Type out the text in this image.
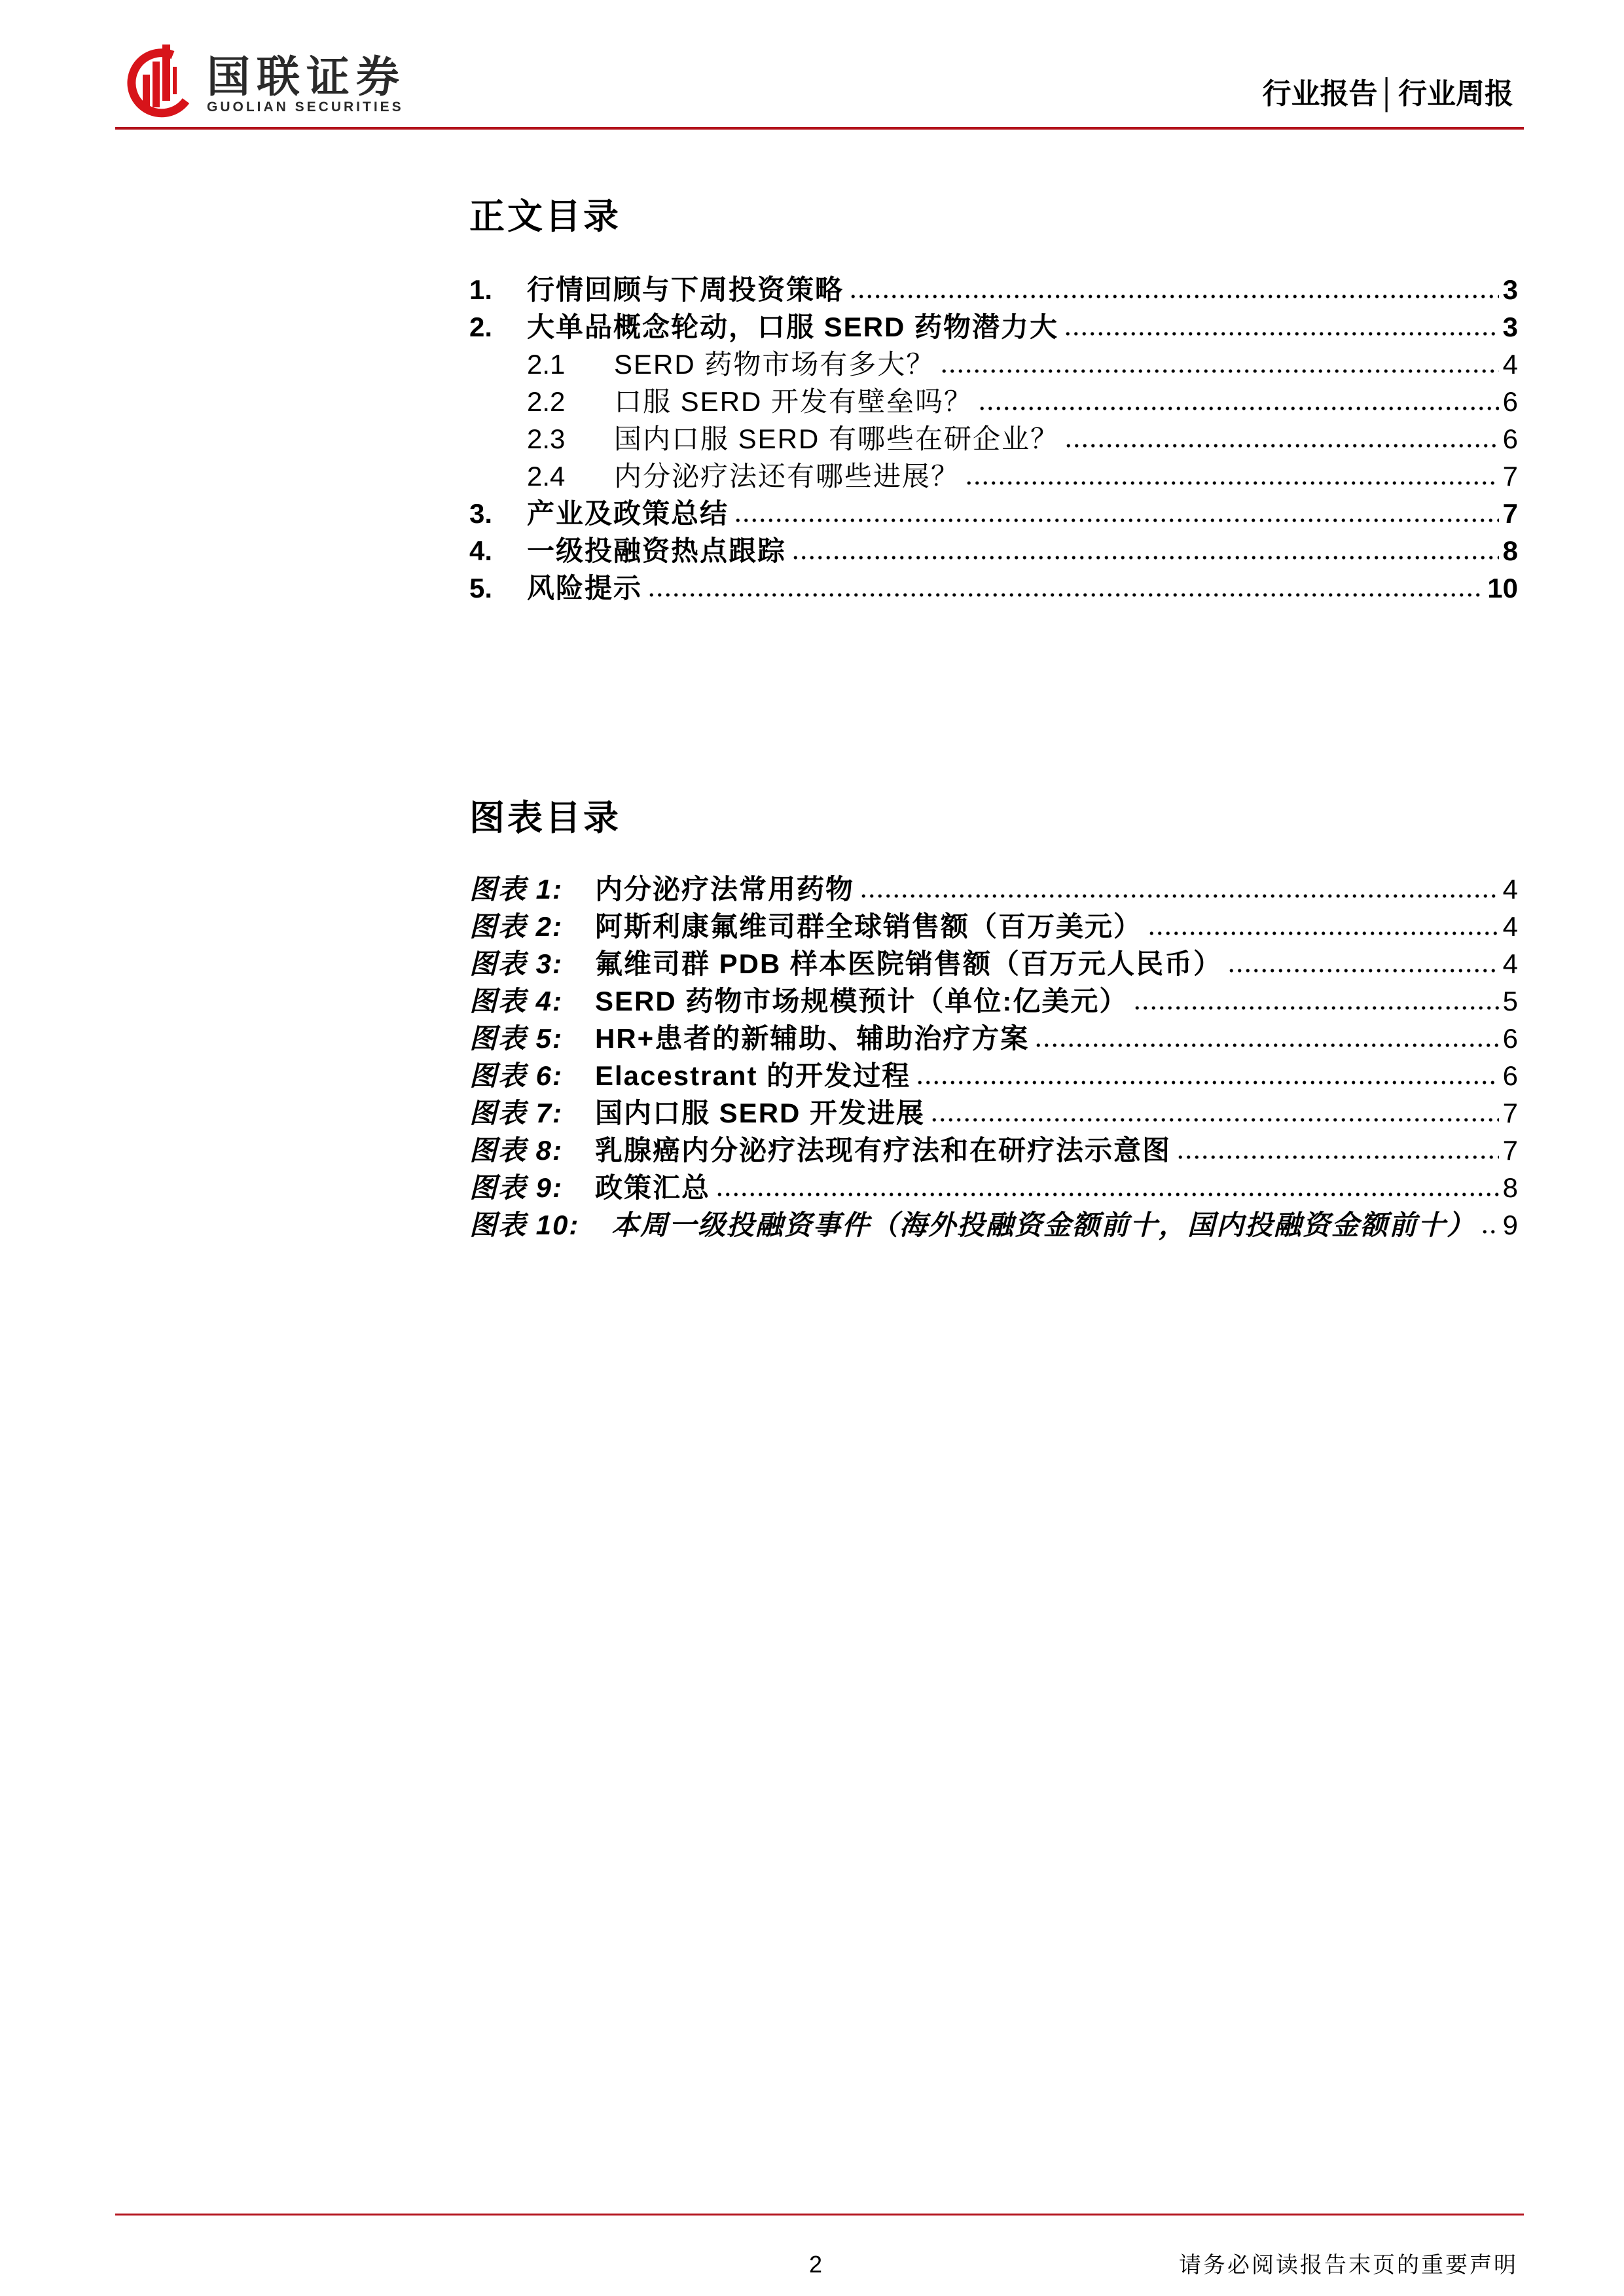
国联证券
GUOLIAN SECURITIES	行业报告│行业周报
正文目录
1.	行情回顾与下周投资策略	3
2.	大单品概念轮动，口服 SERD 药物潜力大	3
2.1	SERD 药物市场有多大？	4
2.2	口服 SERD 开发有壁垒吗？	6
2.3	国内口服 SERD 有哪些在研企业？	6
2.4	内分泌疗法还有哪些进展？	7
3.	产业及政策总结	7
4.	一级投融资热点跟踪	8
5.	风险提示	10
图表目录
图表 1:	内分泌疗法常用药物	4
图表 2:	阿斯利康氟维司群全球销售额（百万美元）	4
图表 3:	氟维司群 PDB 样本医院销售额（百万元人民币）	4
图表 4:	SERD 药物市场规模预计（单位:亿美元）	5
图表 5:	HR+患者的新辅助、辅助治疗方案	6
图表 6:	Elacestrant 的开发过程	6
图表 7:	国内口服 SERD 开发进展	7
图表 8:	乳腺癌内分泌疗法现有疗法和在研疗法示意图	7
图表 9:	政策汇总	8
图表 10:	本周一级投融资事件（海外投融资金额前十，国内投融资金额前十） 9
2	请务必阅读报告末页的重要声明
